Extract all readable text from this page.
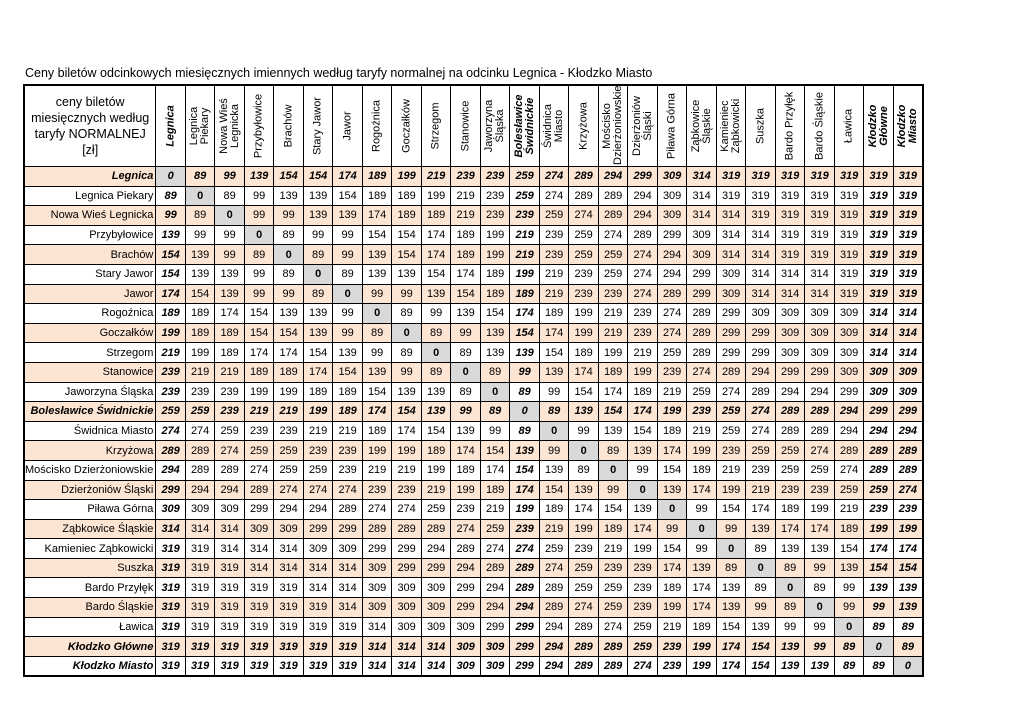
Ceny biletów odcinkowych miesięcznych imiennych według taryfy normalnej na odcinku Legnica - Kłodzko Miasto
ceny biletów miesięcznych według taryfy NORMALNEJ [zł]	Legnica	Legnica Piekary	Nowa Wieś Legnicka	Przybyłowice	Brachów	Stary Jawor	Jawor	Rogoźnica	Goczałków	Strzegom	Stanowice	Jaworzyna Śląska	Bolesławice Świdnickie	Świdnica Miasto	Krzyżowa	Mościsko Dzierżoniowskie	Dzierżoniów Śląski	Piława Górna	Ząbkowice Śląskie	Kamieniec Ząbkowicki	Suszka	Bardo Przyłęk	Bardo Śląskie	Ławica	Kłodzko Główne	Kłodzko Miasto

Legnica	0	89	99	139	154	154	174	189	199	219	239	239	259	274	289	294	299	309	314	319	319	319	319	319	319	319
Legnica Piekary	89	0	89	99	139	139	154	189	189	199	219	239	259	274	289	289	294	309	314	319	319	319	319	319	319	319
Nowa Wieś Legnicka	99	89	0	99	99	139	139	174	189	189	219	239	239	259	274	289	294	309	314	314	319	319	319	319	319	319
Przybyłowice	139	99	99	0	89	99	99	154	154	174	189	199	219	239	259	274	289	299	309	314	314	319	319	319	319	319
Brachów	154	139	99	89	0	89	99	139	154	174	189	199	219	239	259	259	274	294	309	314	314	319	319	319	319	319
Stary Jawor	154	139	139	99	89	0	89	139	139	154	174	189	199	219	239	259	274	294	299	309	314	314	314	319	319	319
Jawor	174	154	139	99	99	89	0	99	99	139	154	189	189	219	239	239	274	289	299	309	314	314	314	319	319	319
Rogoźnica	189	189	174	154	139	139	99	0	89	99	139	154	174	189	199	219	239	274	289	299	309	309	309	309	314	314
Goczałków	199	189	189	154	154	139	99	89	0	89	99	139	154	174	199	219	239	274	289	299	299	309	309	309	314	314
Strzegom	219	199	189	174	174	154	139	99	89	0	89	139	139	154	189	199	219	259	289	299	299	309	309	309	314	314
Stanowice	239	219	219	189	189	174	154	139	99	89	0	89	99	139	174	189	199	239	274	289	294	299	299	309	309	309
Jaworzyna Śląska	239	239	239	199	199	189	189	154	139	139	89	0	89	99	154	174	189	219	259	274	289	294	294	299	309	309
Bolesławice Świdnickie	259	259	239	219	219	199	189	174	154	139	99	89	0	89	139	154	174	199	239	259	274	289	289	294	299	299
Świdnica Miasto	274	274	259	239	239	219	219	189	174	154	139	99	89	0	99	139	154	189	219	259	274	289	289	294	294	294
Krzyżowa	289	289	274	259	259	239	239	199	199	189	174	154	139	99	0	89	139	174	199	239	259	259	274	289	289	289
Mościsko Dzierżoniowskie	294	289	289	274	259	259	239	219	219	199	189	174	154	139	89	0	99	154	189	219	239	259	259	274	289	289
Dzierżoniów Śląski	299	294	294	289	274	274	274	239	239	219	199	189	174	154	139	99	0	139	174	199	219	239	239	259	259	274
Piława Górna	309	309	309	299	294	294	289	274	274	259	239	219	199	189	174	154	139	0	99	154	174	189	199	219	239	239
Ząbkowice Śląskie	314	314	314	309	309	299	299	289	289	289	274	259	239	219	199	189	174	99	0	99	139	174	174	189	199	199
Kamieniec Ząbkowicki	319	319	314	314	314	309	309	299	299	294	289	274	274	259	239	219	199	154	99	0	89	139	139	154	174	174
Suszka	319	319	319	314	314	314	314	309	299	299	294	289	289	274	259	239	239	174	139	89	0	89	99	139	154	154
Bardo Przyłęk	319	319	319	319	319	314	314	309	309	309	299	294	289	289	259	259	239	189	174	139	89	0	89	99	139	139
Bardo Śląskie	319	319	319	319	319	319	314	309	309	309	299	294	294	289	274	259	239	199	174	139	99	89	0	99	99	139
Ławica	319	319	319	319	319	319	319	314	309	309	309	299	299	294	289	274	259	219	189	154	139	99	99	0	89	89
Kłodzko Główne	319	319	319	319	319	319	319	314	314	314	309	309	299	294	289	289	259	239	199	174	154	139	99	89	0	89
Kłodzko Miasto	319	319	319	319	319	319	319	314	314	314	309	309	299	294	289	289	274	239	199	174	154	139	139	89	89	0
